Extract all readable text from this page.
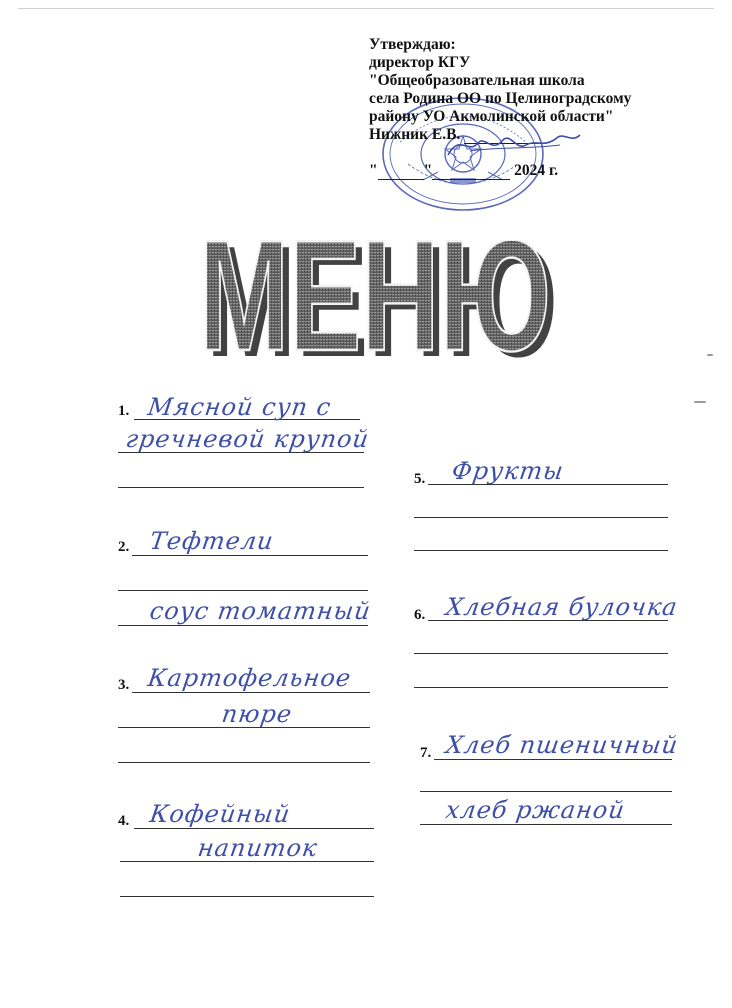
Утверждаю:
директор КГУ
"Общеобразовательная школа
села Родина ОО по Целиноградскому
району УО Акмолинской области"
Нижник Е.В.
"	"	2024 г.
МЕНЮ
МЕНЮ
1. Мясной суп с
гречневой крупой
2. Тефтели
соус томатный
3. Картофельное
пюре
4. Кофейный
напиток
5. Фрукты
6. Хлебная булочка
7. Хлеб пшеничный
хлеб ржаной
